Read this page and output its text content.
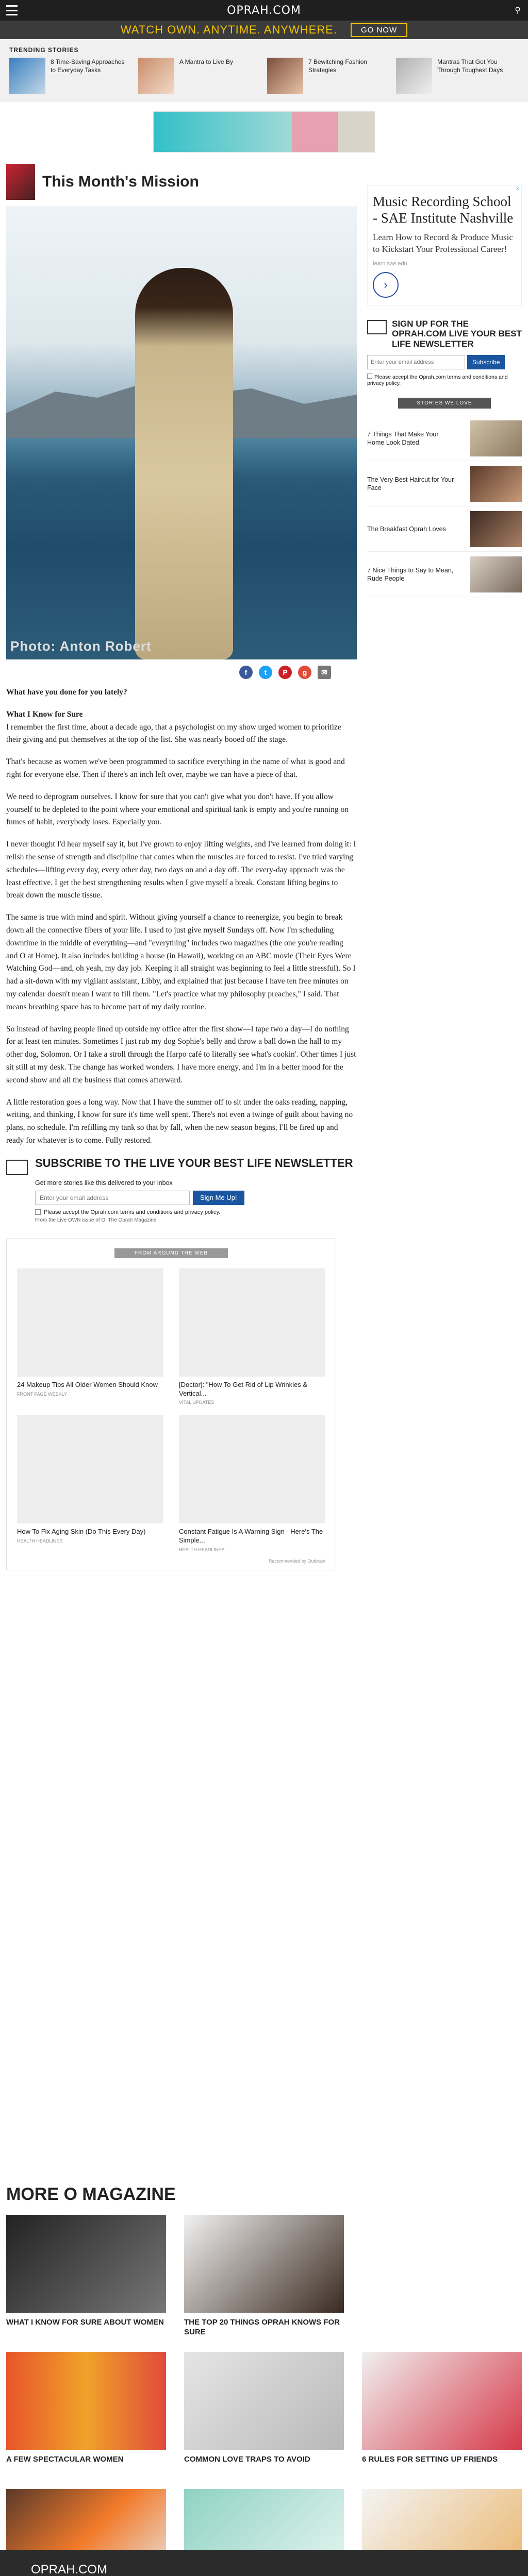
OPRAH.COM	⚲
WATCH OWN. ANYTIME. ANYWHERE.	GO NOW
TRENDING STORIES
8 Time-Saving Approaches to Everyday Tasks
A Mantra to Live By	7 Bewitching Fashion Strategies
Mantras That Get You Through Toughest Days
This Month's Mission
Photo: Anton Robert
f	t	P	g	✉

What have you done for you lately?

What I Know for Sure

I remember the first time, about a decade ago, that a psychologist on my show urged women to prioritize their giving and put themselves at the top of the list. She was nearly booed off the stage.

That's because as women we've been programmed to sacrifice everything in the name of what is good and right for everyone else. Then if there's an inch left over, maybe we can have a piece of that.

We need to deprogram ourselves. I know for sure that you can't give what you don't have. If you allow yourself to be depleted to the point where your emotional and spiritual tank is empty and you're running on fumes of habit, everybody loses. Especially you.

I never thought I'd hear myself say it, but I've grown to enjoy lifting weights, and I've learned from doing it: I relish the sense of strength and discipline that comes when the muscles are forced to resist. I've tried varying schedules—lifting every day, every other day, two days on and a day off. The every-day approach was the least effective. I get the best strengthening results when I give myself a break. Constant lifting begins to break down the muscle tissue.

The same is true with mind and spirit. Without giving yourself a chance to reenergize, you begin to break down all the connective fibers of your life. I used to just give myself Sundays off. Now I'm scheduling downtime in the middle of everything—and "everything" includes two magazines (the one you're reading and O at Home). It also includes building a house (in Hawaii), working on an ABC movie (Their Eyes Were Watching God—and, oh yeah, my day job. Keeping it all straight was beginning to feel a little stressful). So I had a sit-down with my vigilant assistant, Libby, and explained that just because I have ten free minutes on my calendar doesn't mean I want to fill them. "Let's practice what my philosophy preaches," I said. That means breathing space has to become part of my daily routine.

So instead of having people lined up outside my office after the first show—I tape two a day—I do nothing for at least ten minutes. Sometimes I just rub my dog Sophie's belly and throw a ball down the hall to my other dog, Solomon. Or I take a stroll through the Harpo café to literally see what's cookin'. Other times I just sit still at my desk. The change has worked wonders. I have more energy, and I'm in a better mood for the second show and all the business that comes afterward.

A little restoration goes a long way. Now that I have the summer off to sit under the oaks reading, napping, writing, and thinking, I know for sure it's time well spent. There's not even a twinge of guilt about having no plans, no schedule. I'm refilling my tank so that by fall, when the new season begins, I'll be fired up and ready for whatever is to come. Fully restored.

SUBSCRIBE TO THE LIVE YOUR BEST LIFE NEWSLETTER
Get more stories like this delivered to your inbox
Enter your email address
Sign Me Up!
Please accept the Oprah.com terms and conditions and privacy policy.
From the Live OWN issue of O, The Oprah Magazine
FROM AROUND THE WEB
24 Makeup Tips All Older Women Should Know
FRONT PAGE WEEKLY
[Doctor]: "How To Get Rid of Lip Wrinkles & Vertical...
VITAL UPDATES
How To Fix Aging Skin (Do This Every Day)
HEALTH HEADLINES
Constant Fatigue Is A Warning Sign - Here's The Simple...
HEALTH HEADLINES
Recommended by Outbrain
×
Music Recording School - SAE Institute Nashville
Learn How to Record & Produce Music to Kickstart Your Professional Career!
learn.sae.edu
›
SIGN UP FOR THE OPRAH.COM LIVE YOUR BEST LIFE NEWSLETTER
Enter your email address
Subscribe
Please accept the Oprah.com terms and conditions and privacy policy.
STORIES WE LOVE
7 Things That Make Your Home Look Dated
The Very Best Haircut for Your Face
The Breakfast Oprah Loves
7 Nice Things to Say to Mean, Rude People
MORE O MAGAZINE
WHAT I KNOW FOR SURE ABOUT WOMEN	THE TOP 20 THINGS OPRAH KNOWS FOR SURE
A FEW SPECTACULAR WOMEN	COMMON LOVE TRAPS TO AVOID	6 RULES FOR SETTING UP FRIENDS
OPRAH.COM
